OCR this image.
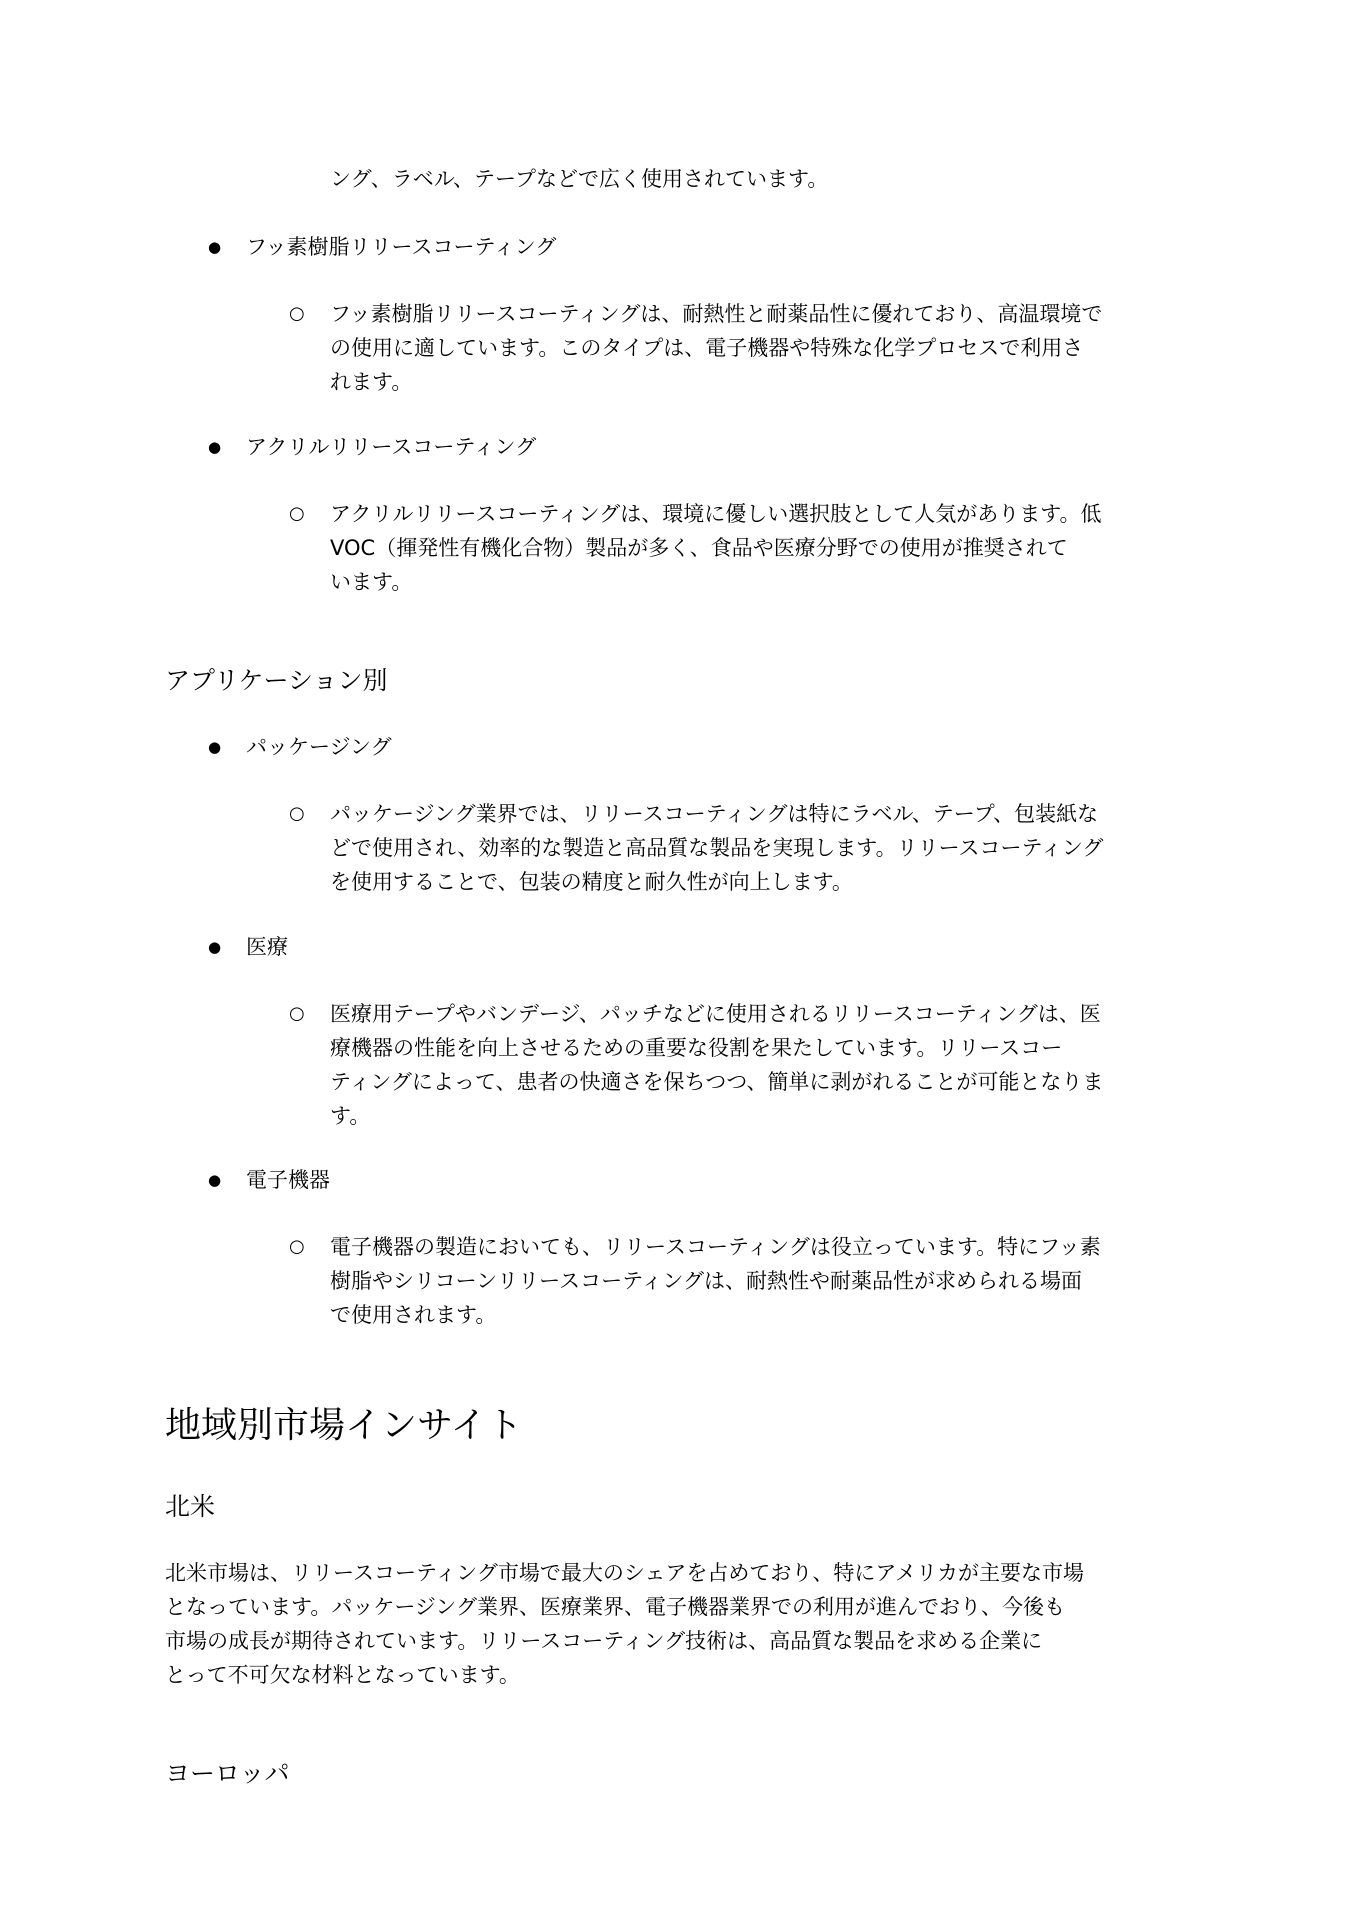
ング、ラベル、テープなどで広く使用されています。
● フッ素樹脂リリースコーティング
○ フッ素樹脂リリースコーティングは、耐熱性と耐薬品性に優れており、高温環境で
の使用に適しています。このタイプは、電子機器や特殊な化学プロセスで利用さ
れます。
● アクリルリリースコーティング
○ アクリルリリースコーティングは、環境に優しい選択肢として人気があります。低
VOC（揮発性有機化合物）製品が多く、食品や医療分野での使用が推奨されて
います。
アプリケーション別
● パッケージング
○ パッケージング業界では、リリースコーティングは特にラベル、テープ、包装紙な
どで使用され、効率的な製造と高品質な製品を実現します。リリースコーティング
を使用することで、包装の精度と耐久性が向上します。
● 医療
○ 医療用テープやバンデージ、パッチなどに使用されるリリースコーティングは、医
療機器の性能を向上させるための重要な役割を果たしています。リリースコー
ティングによって、患者の快適さを保ちつつ、簡単に剥がれることが可能となりま
す。
● 電子機器
○ 電子機器の製造においても、リリースコーティングは役立っています。特にフッ素
樹脂やシリコーンリリースコーティングは、耐熱性や耐薬品性が求められる場面
で使用されます。
地域別市場インサイト
北米
北米市場は、リリースコーティング市場で最大のシェアを占めており、特にアメリカが主要な市場
となっています。パッケージング業界、医療業界、電子機器業界での利用が進んでおり、今後も
市場の成長が期待されています。リリースコーティング技術は、高品質な製品を求める企業に
とって不可欠な材料となっています。
ヨーロッパ
